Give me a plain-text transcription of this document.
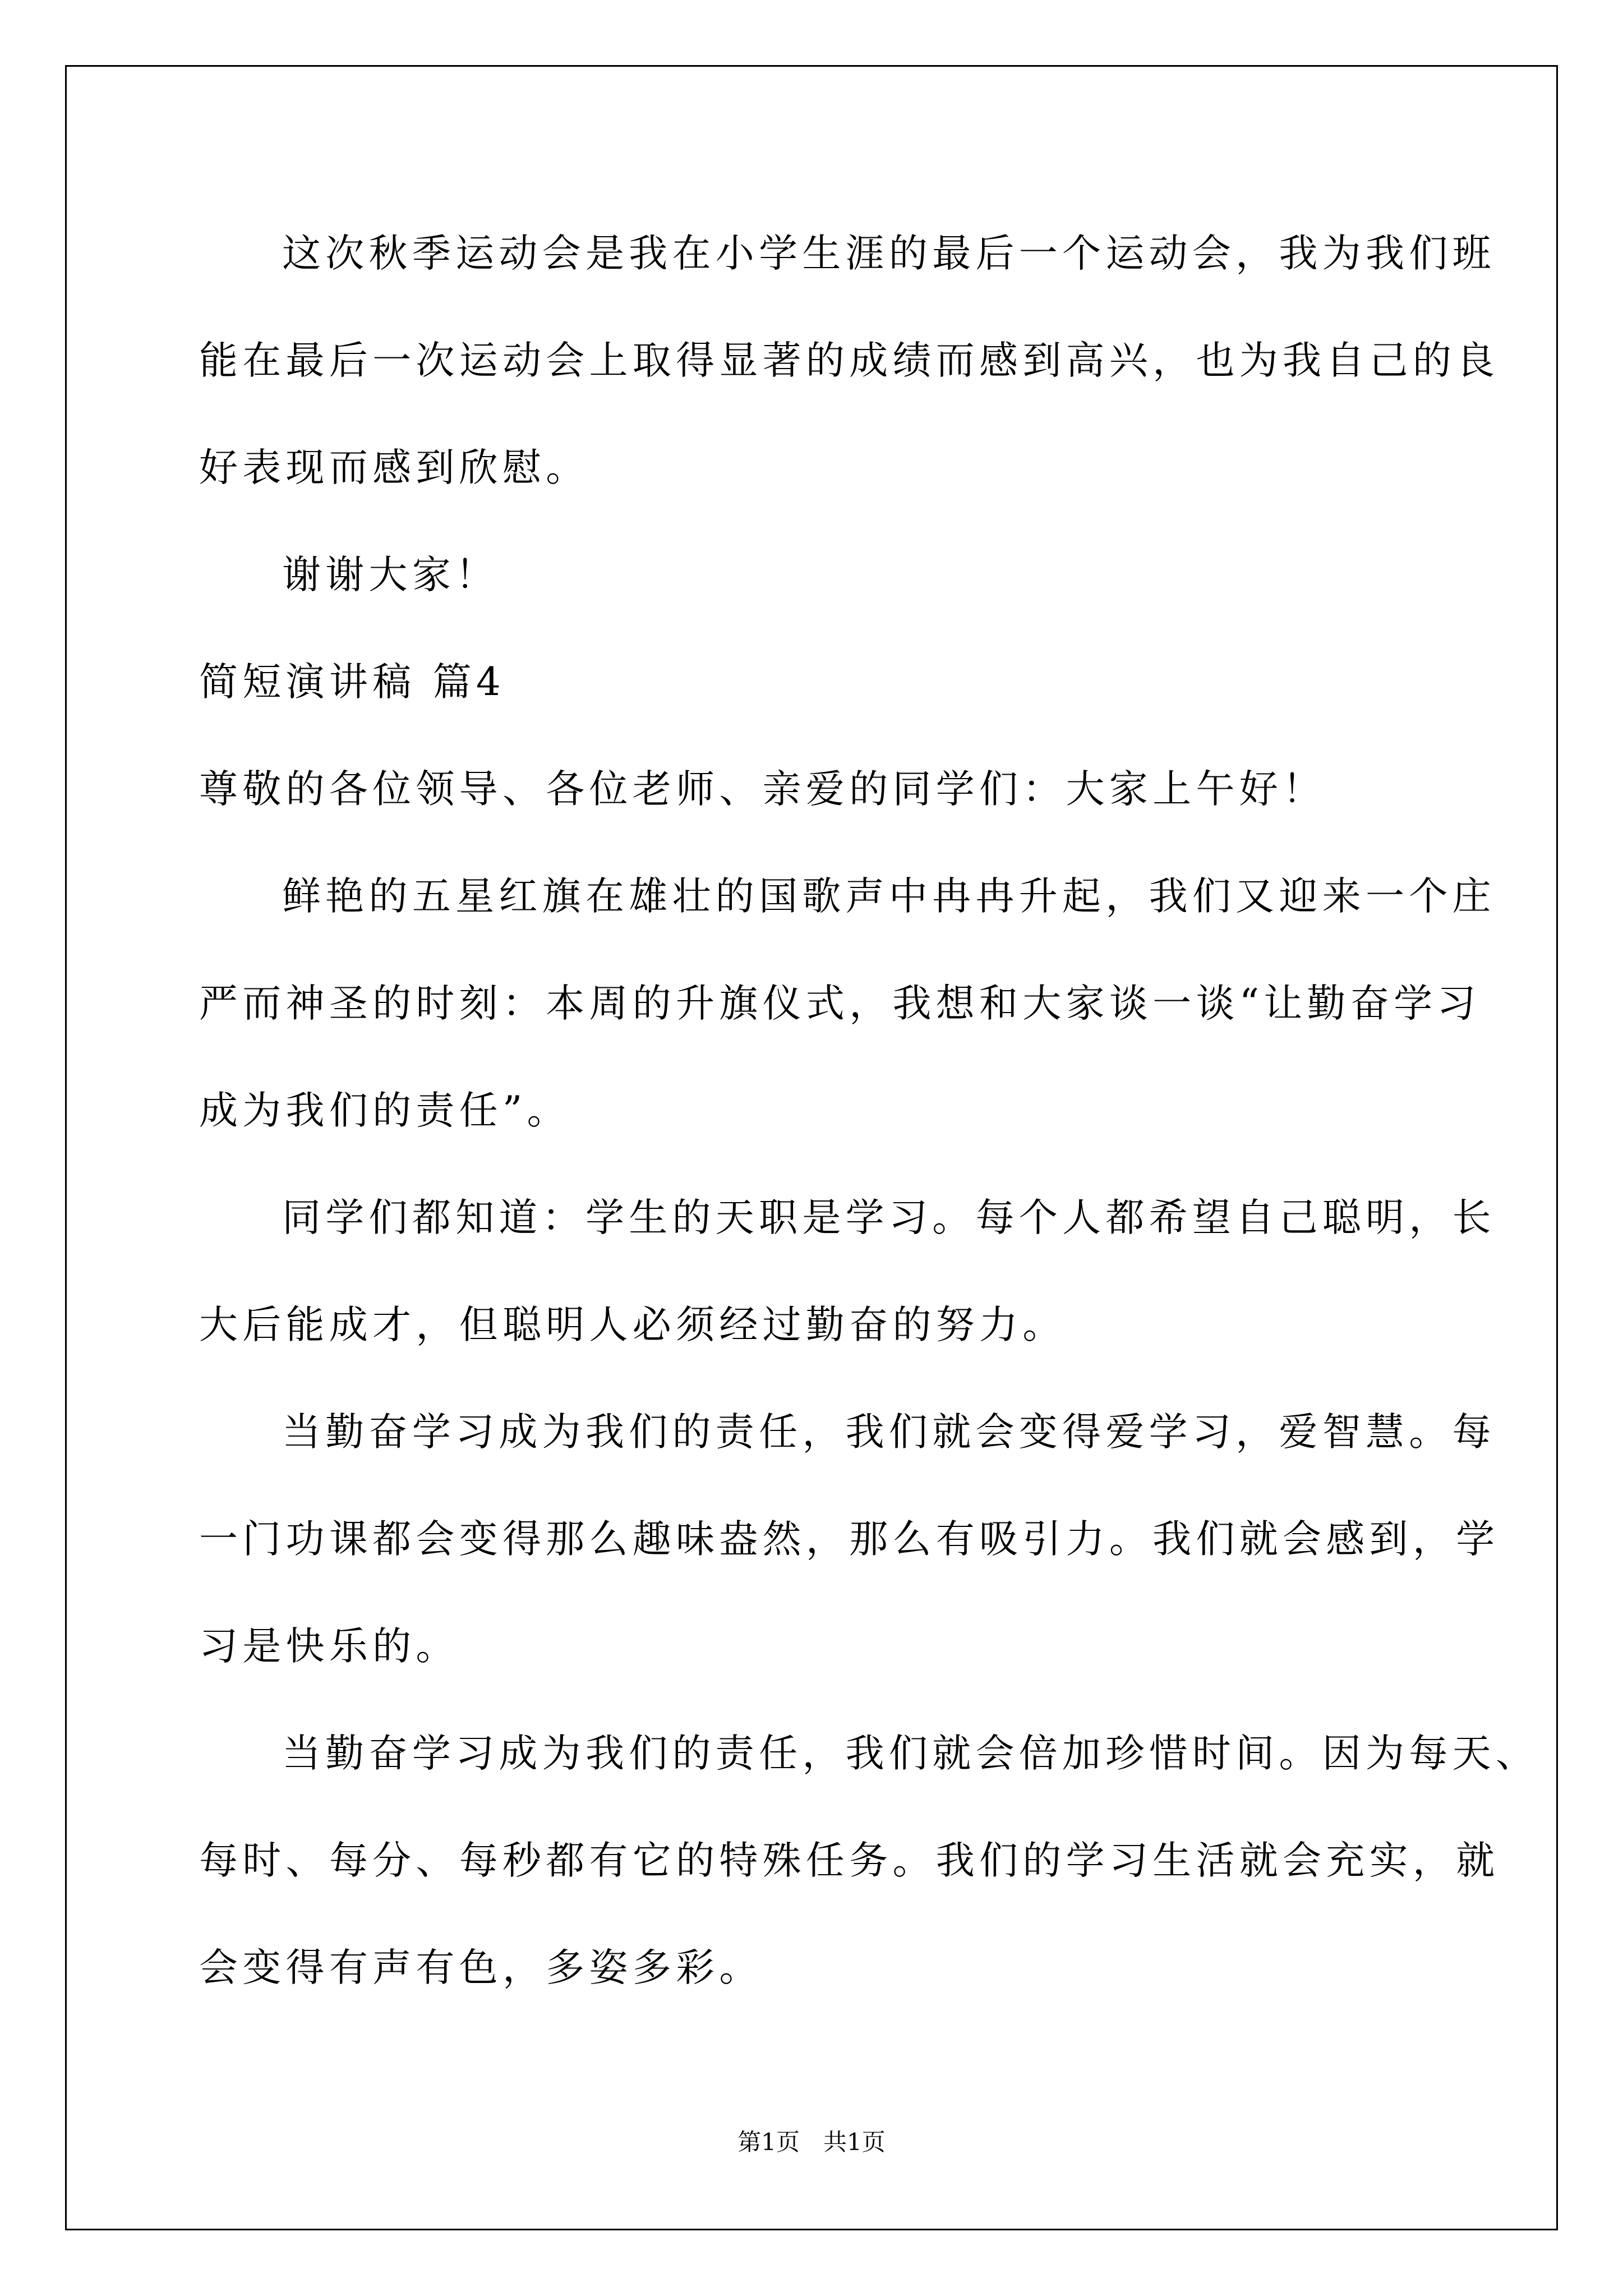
这次秋季运动会是我在小学生涯的最后一个运动会，我为我们班
能在最后一次运动会上取得显著的成绩而感到高兴，也为我自己的良
好表现而感到欣慰。
谢谢大家！
简短演讲稿 篇4
尊敬的各位领导、各位老师、亲爱的同学们：大家上午好！
鲜艳的五星红旗在雄壮的国歌声中冉冉升起，我们又迎来一个庄
严而神圣的时刻：本周的升旗仪式，我想和大家谈一谈“让勤奋学习
成为我们的责任”。
同学们都知道：学生的天职是学习。每个人都希望自己聪明，长
大后能成才，但聪明人必须经过勤奋的努力。
当勤奋学习成为我们的责任，我们就会变得爱学习，爱智慧。每
一门功课都会变得那么趣味盎然，那么有吸引力。我们就会感到，学
习是快乐的。
当勤奋学习成为我们的责任，我们就会倍加珍惜时间。因为每天、
每时、每分、每秒都有它的特殊任务。我们的学习生活就会充实，就
会变得有声有色，多姿多彩。
第1页　共1页
